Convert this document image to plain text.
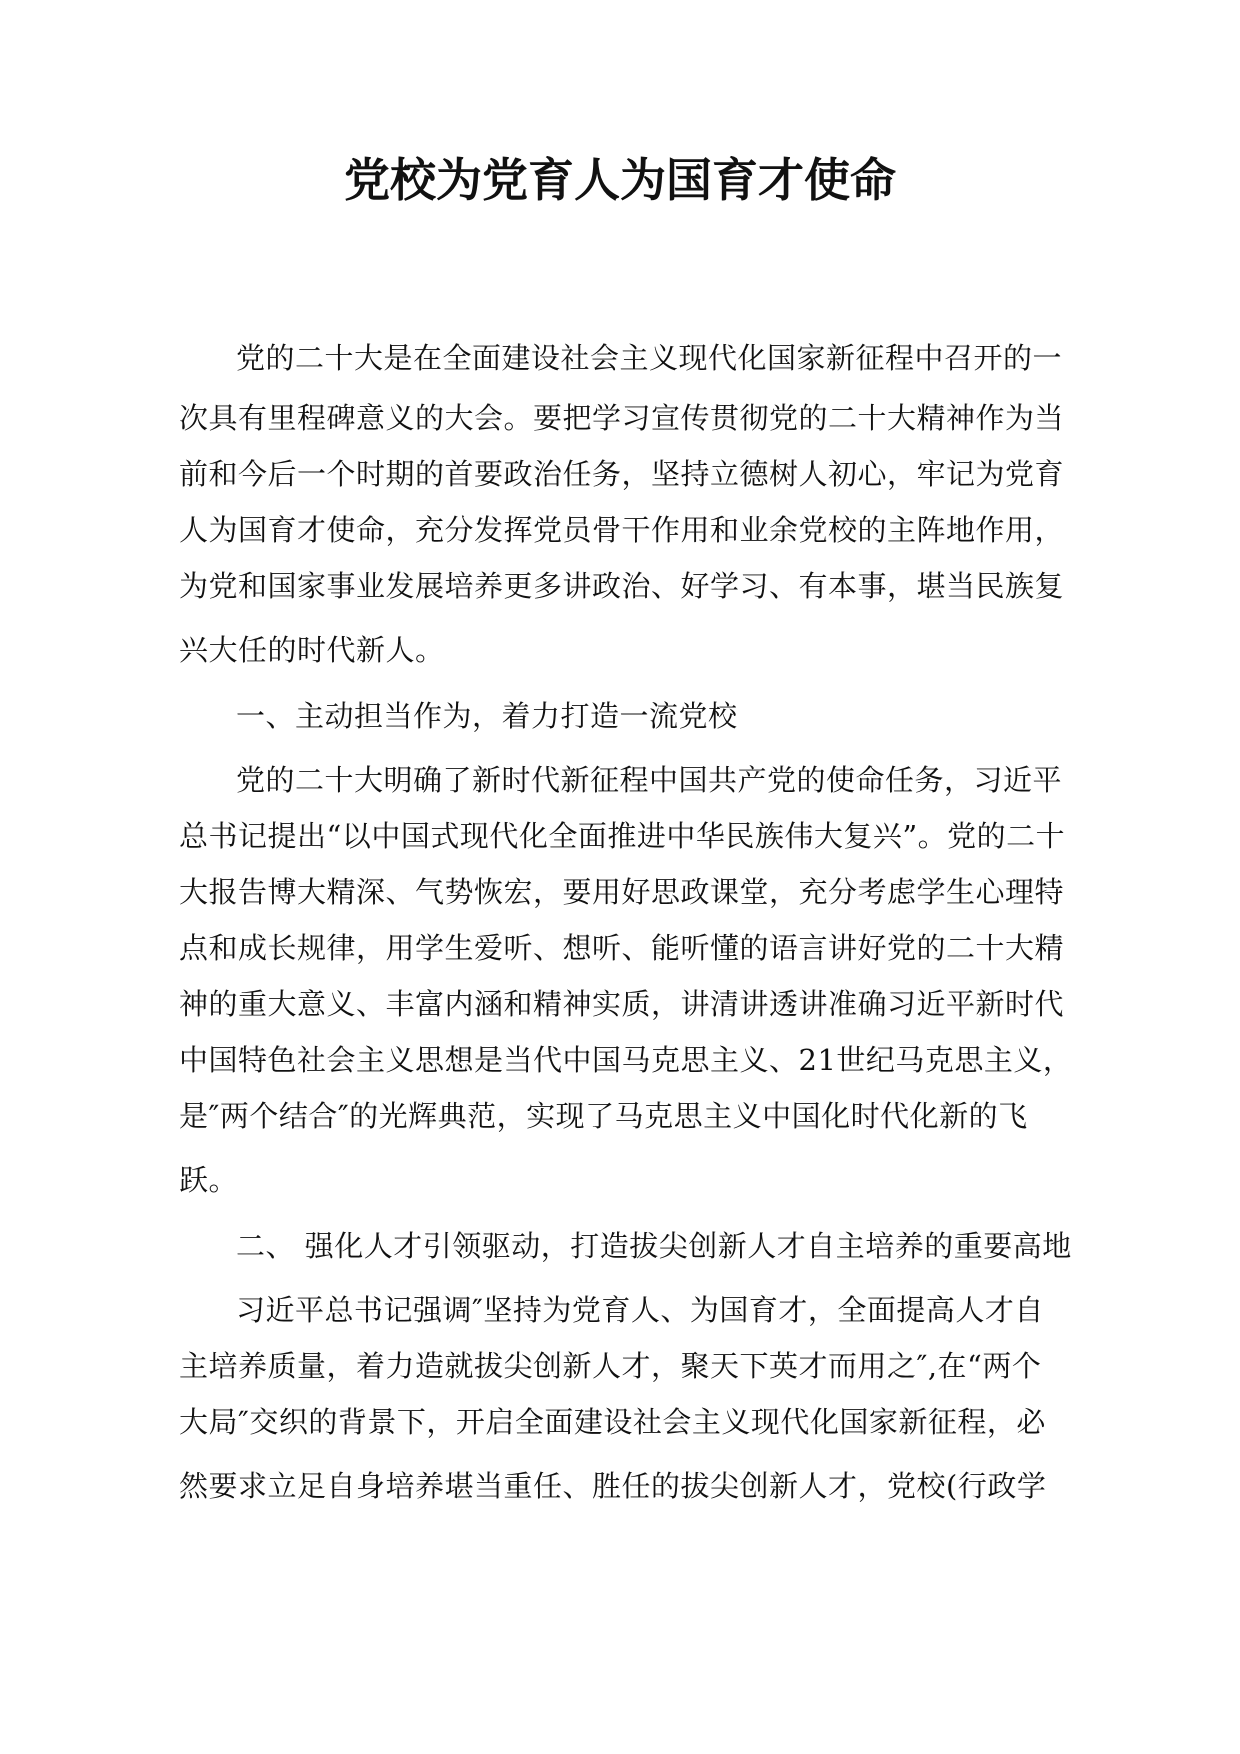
党校为党育人为国育才使命
党的二十大是在全面建设社会主义现代化国家新征程中召开的一
次具有里程碑意义的大会。要把学习宣传贯彻党的二十大精神作为当
前和今后一个时期的首要政治任务，坚持立德树人初心，牢记为党育
人为国育才使命，充分发挥党员骨干作用和业余党校的主阵地作用，
为党和国家事业发展培养更多讲政治、好学习、有本事，堪当民族复
兴大任的时代新人。
一、主动担当作为，着力打造一流党校
党的二十大明确了新时代新征程中国共产党的使命任务，习近平
总书记提出“以中国式现代化全面推进中华民族伟大复兴”。党的二十
大报告博大精深、气势恢宏，要用好思政课堂，充分考虑学生心理特
点和成长规律，用学生爱听、想听、能听懂的语言讲好党的二十大精
神的重大意义、丰富内涵和精神实质，讲清讲透讲准确习近平新时代
中国特色社会主义思想是当代中国马克思主义、21世纪马克思主义，
是″两个结合″的光辉典范，实现了马克思主义中国化时代化新的飞
跃。
二、 强化人才引领驱动，打造拔尖创新人才自主培养的重要高地
习近平总书记强调″坚持为党育人、为国育才，全面提高人才自
主培养质量，着力造就拔尖创新人才，聚天下英才而用之″,在“两个
大局″交织的背景下，开启全面建设社会主义现代化国家新征程，必
然要求立足自身培养堪当重任、胜任的拔尖创新人才，党校(行政学
